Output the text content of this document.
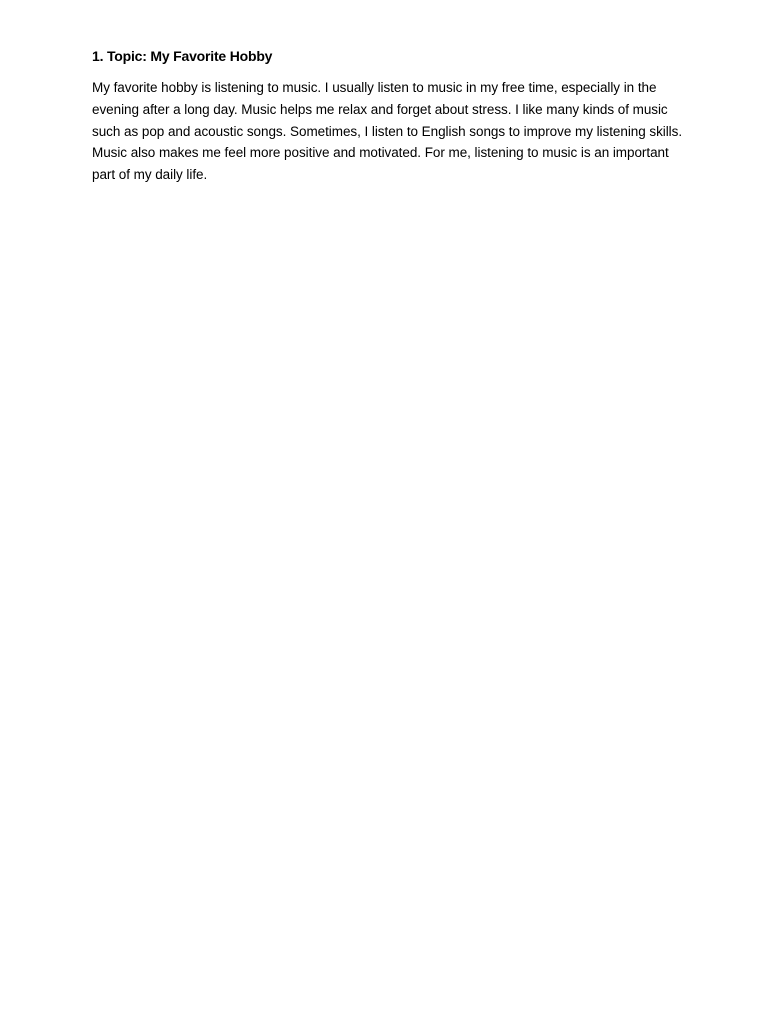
1. Topic: My Favorite Hobby

My favorite hobby is listening to music. I usually listen to music in my free time, especially in the evening after a long day. Music helps me relax and forget about stress. I like many kinds of music such as pop and acoustic songs. Sometimes, I listen to English songs to improve my listening skills. Music also makes me feel more positive and motivated. For me, listening to music is an important part of my daily life.
